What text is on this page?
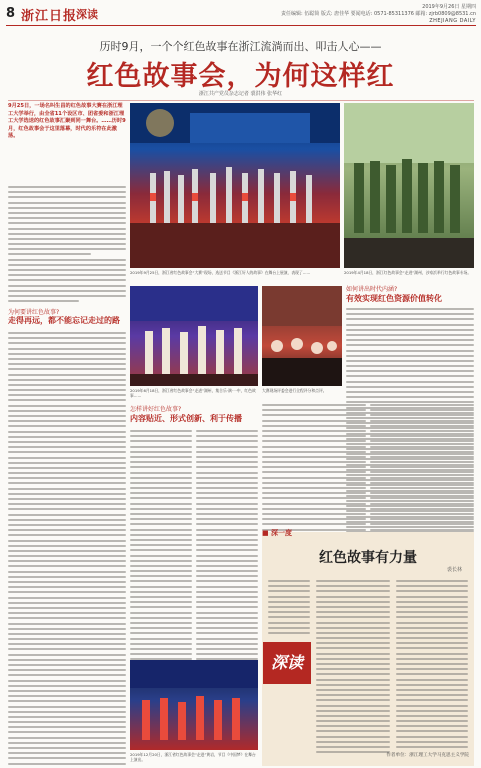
8 浙江日报
深读
2019年9月26日 星期四
责任编辑: 伍聪简 版式: 唐佳华 要闻电话: 0571-85311376 邮箱: zjrb0809@8531.cn
ZHEJIANG DAILY
历时9月，一个个红色故事在浙江流淌而出、叩击人心——
红色故事会，为何这样红
浙江共产党员杂志记者 裘洪伟 张华红
9月25日，一场名叫生昌的红色故事大赛在浙江理工大学举行，由全省11个设区市、团省委和浙江理工大学选送的红色故事汇聚到同一舞台。……历时9月，红色故事会于这里落幕，时代的乐符在此激荡。
为何要讲红色故事?
走得再远，都不能忘记走过的路
2019年9月25日，浙江省红色故事会“大赛”现场，选送节目《浙江好人的故事》在舞台上展演，表现了……	2019年4月18日，浙江红色故事会“走进”湖州，沙家浜举行红色故事专场。
2019年6月18日，浙江省红色故事会“走进”湖州，集合乐·满·一中，红色故事……
大赛现场评委会进行全程评分和点评。
如何讲出时代内涵?
有效实现红色资源价值转化
怎样讲好红色故事?
内容贴近、形式创新、利于传播
2019年12月20日，浙江省红色故事会“走进”黄岩，节目《中国梦》在舞台上演出。
■ 深一度
红色故事有力量
裘长林
深读
作者单位：浙江理工大学马克思主义学院
